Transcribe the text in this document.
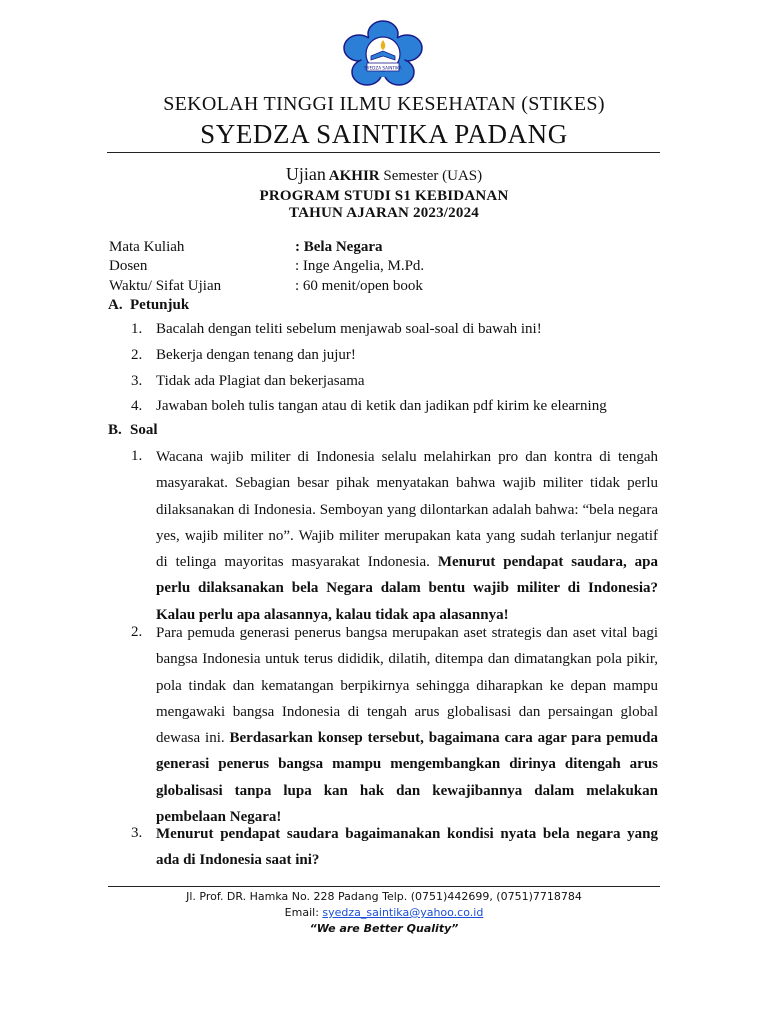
SYEDZA SAINTIKA
SEKOLAH TINGGI ILMU KESEHATAN (STIKES)
SYEDZA SAINTIKA PADANG
Ujian AKHIR Semester (UAS)
PROGRAM STUDI S1 KEBIDANAN
TAHUN AJARAN 2023/2024
Mata Kuliah	: Bela Negara
Dosen	: Inge Angelia, M.Pd.
Waktu/ Sifat Ujian	: 60 menit/open book
A. Petunjuk
1. Bacalah dengan teliti sebelum menjawab soal-soal di bawah ini!
2. Bekerja dengan tenang dan jujur!
3. Tidak ada Plagiat dan bekerjasama
4. Jawaban boleh tulis tangan atau di ketik dan jadikan pdf kirim ke elearning
B. Soal
1. Wacana wajib militer di Indonesia selalu melahirkan pro dan kontra di tengah masyarakat. Sebagian besar pihak menyatakan bahwa wajib militer tidak perlu dilaksanakan di Indonesia. Semboyan yang dilontarkan adalah bahwa: “bela negara yes, wajib militer no”. Wajib militer merupakan kata yang sudah terlanjur negatif di telinga mayoritas masyarakat Indonesia. Menurut pendapat saudara, apa perlu dilaksanakan bela Negara dalam bentu wajib militer di Indonesia? Kalau perlu apa alasannya, kalau tidak apa alasannya!
2. Para pemuda generasi penerus bangsa merupakan aset strategis dan aset vital bagi bangsa Indonesia untuk terus dididik, dilatih, ditempa dan dimatangkan pola pikir, pola tindak dan kematangan berpikirnya sehingga diharapkan ke depan mampu mengawaki bangsa Indonesia di tengah arus globalisasi dan persaingan global dewasa ini. Berdasarkan konsep tersebut, bagaimana cara agar para pemuda generasi penerus bangsa mampu mengembangkan dirinya ditengah arus globalisasi tanpa lupa kan hak dan kewajibannya dalam melakukan pembelaan Negara!
3. Menurut pendapat saudara bagaimanakan kondisi nyata bela negara yang ada di Indonesia saat ini?
Jl. Prof. DR. Hamka No. 228 Padang Telp. (0751)442699, (0751)7718784
Email: syedza_saintika@yahoo.co.id
“We are Better Quality”
